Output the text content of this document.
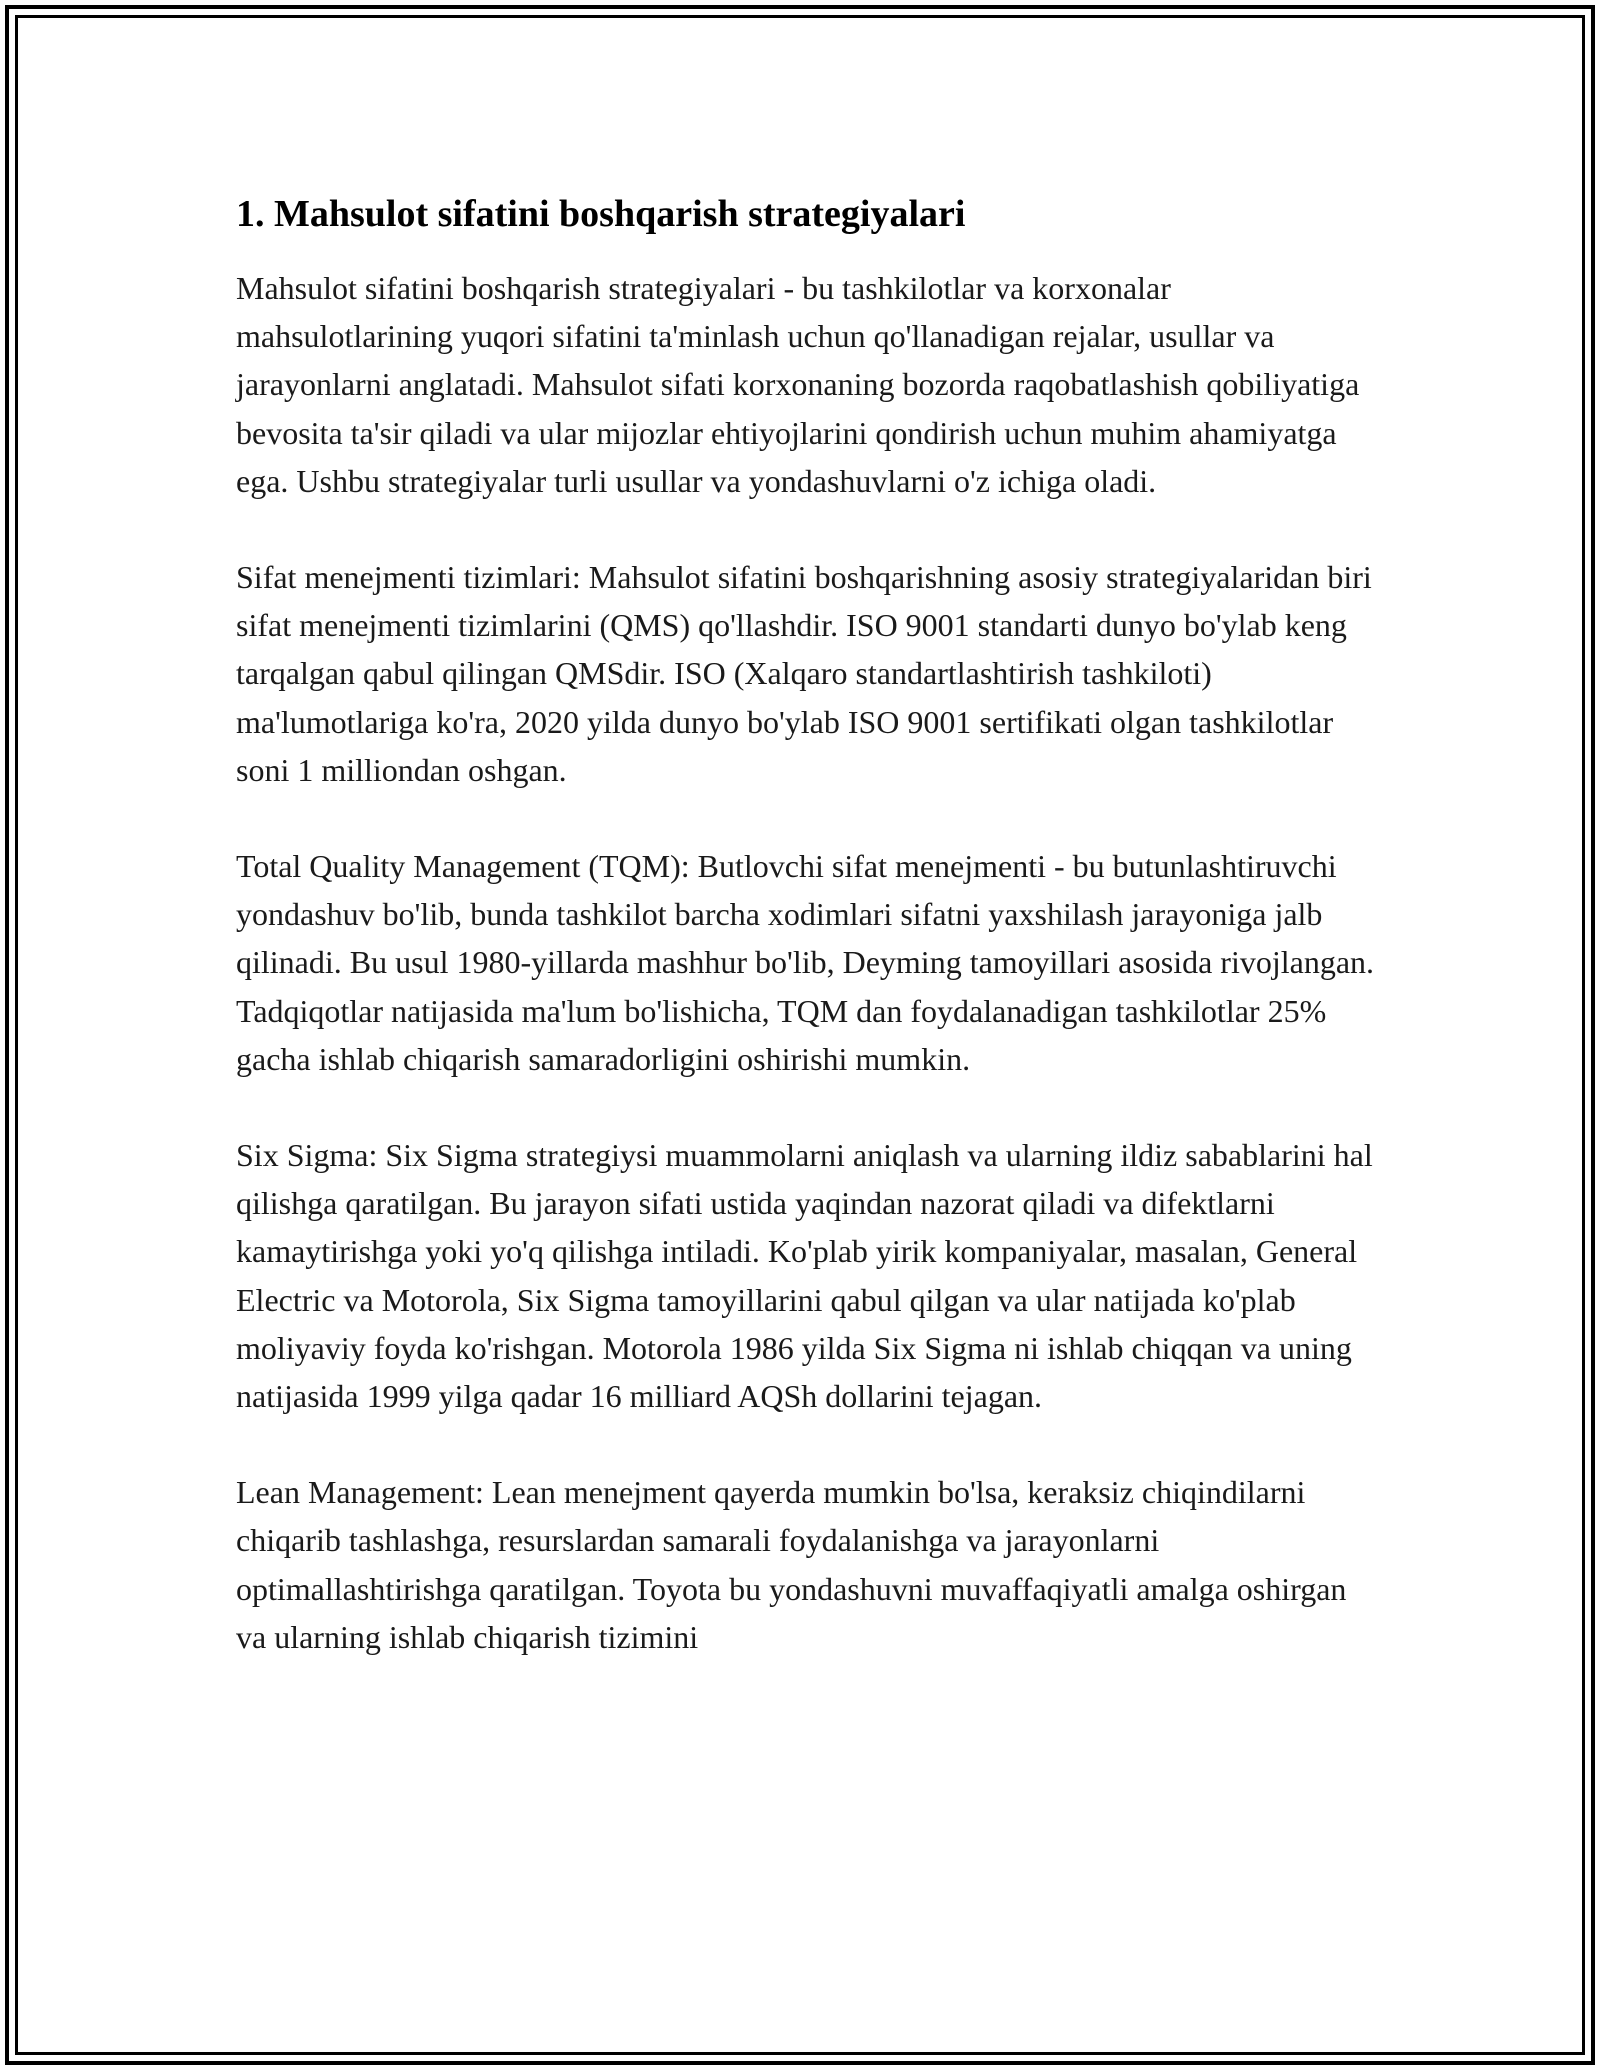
1. Mahsulot sifatini boshqarish strategiyalari

Mahsulot sifatini boshqarish strategiyalari - bu tashkilotlar va korxonalar mahsulotlarining yuqori sifatini ta'minlash uchun qo'llanadigan rejalar, usullar va jarayonlarni anglatadi. Mahsulot sifati korxonaning bozorda raqobatlashish qobiliyatiga bevosita ta'sir qiladi va ular mijozlar ehtiyojlarini qondirish uchun muhim ahamiyatga ega. Ushbu strategiyalar turli usullar va yondashuvlarni o'z ichiga oladi.

Sifat menejmenti tizimlari: Mahsulot sifatini boshqarishning asosiy strategiyalaridan biri sifat menejmenti tizimlarini (QMS) qo'llashdir. ISO 9001 standarti dunyo bo'ylab keng tarqalgan qabul qilingan QMSdir. ISO (Xalqaro standartlashtirish tashkiloti) ma'lumotlariga ko'ra, 2020 yilda dunyo bo'ylab ISO 9001 sertifikati olgan tashkilotlar soni 1 milliondan oshgan.

Total Quality Management (TQM): Butlovchi sifat menejmenti - bu butunlashtiruvchi yondashuv bo'lib, bunda tashkilot barcha xodimlari sifatni yaxshilash jarayoniga jalb qilinadi. Bu usul 1980-yillarda mashhur bo'lib, Deyming tamoyillari asosida rivojlangan. Tadqiqotlar natijasida ma'lum bo'lishicha, TQM dan foydalanadigan tashkilotlar 25% gacha ishlab chiqarish samaradorligini oshirishi mumkin.

Six Sigma: Six Sigma strategiysi muammolarni aniqlash va ularning ildiz sabablarini hal qilishga qaratilgan. Bu jarayon sifati ustida yaqindan nazorat qiladi va difektlarni kamaytirishga yoki yo'q qilishga intiladi. Ko'plab yirik kompaniyalar, masalan, General Electric va Motorola, Six Sigma tamoyillarini qabul qilgan va ular natijada ko'plab moliyaviy foyda ko'rishgan. Motorola 1986 yilda Six Sigma ni ishlab chiqqan va uning natijasida 1999 yilga qadar 16 milliard AQSh dollarini tejagan.

Lean Management: Lean menejment qayerda mumkin bo'lsa, keraksiz chiqindilarni chiqarib tashlashga, resurslardan samarali foydalanishga va jarayonlarni optimallashtirishga qaratilgan. Toyota bu yondashuvni muvaffaqiyatli amalga oshirgan va ularning ishlab chiqarish tizimini
